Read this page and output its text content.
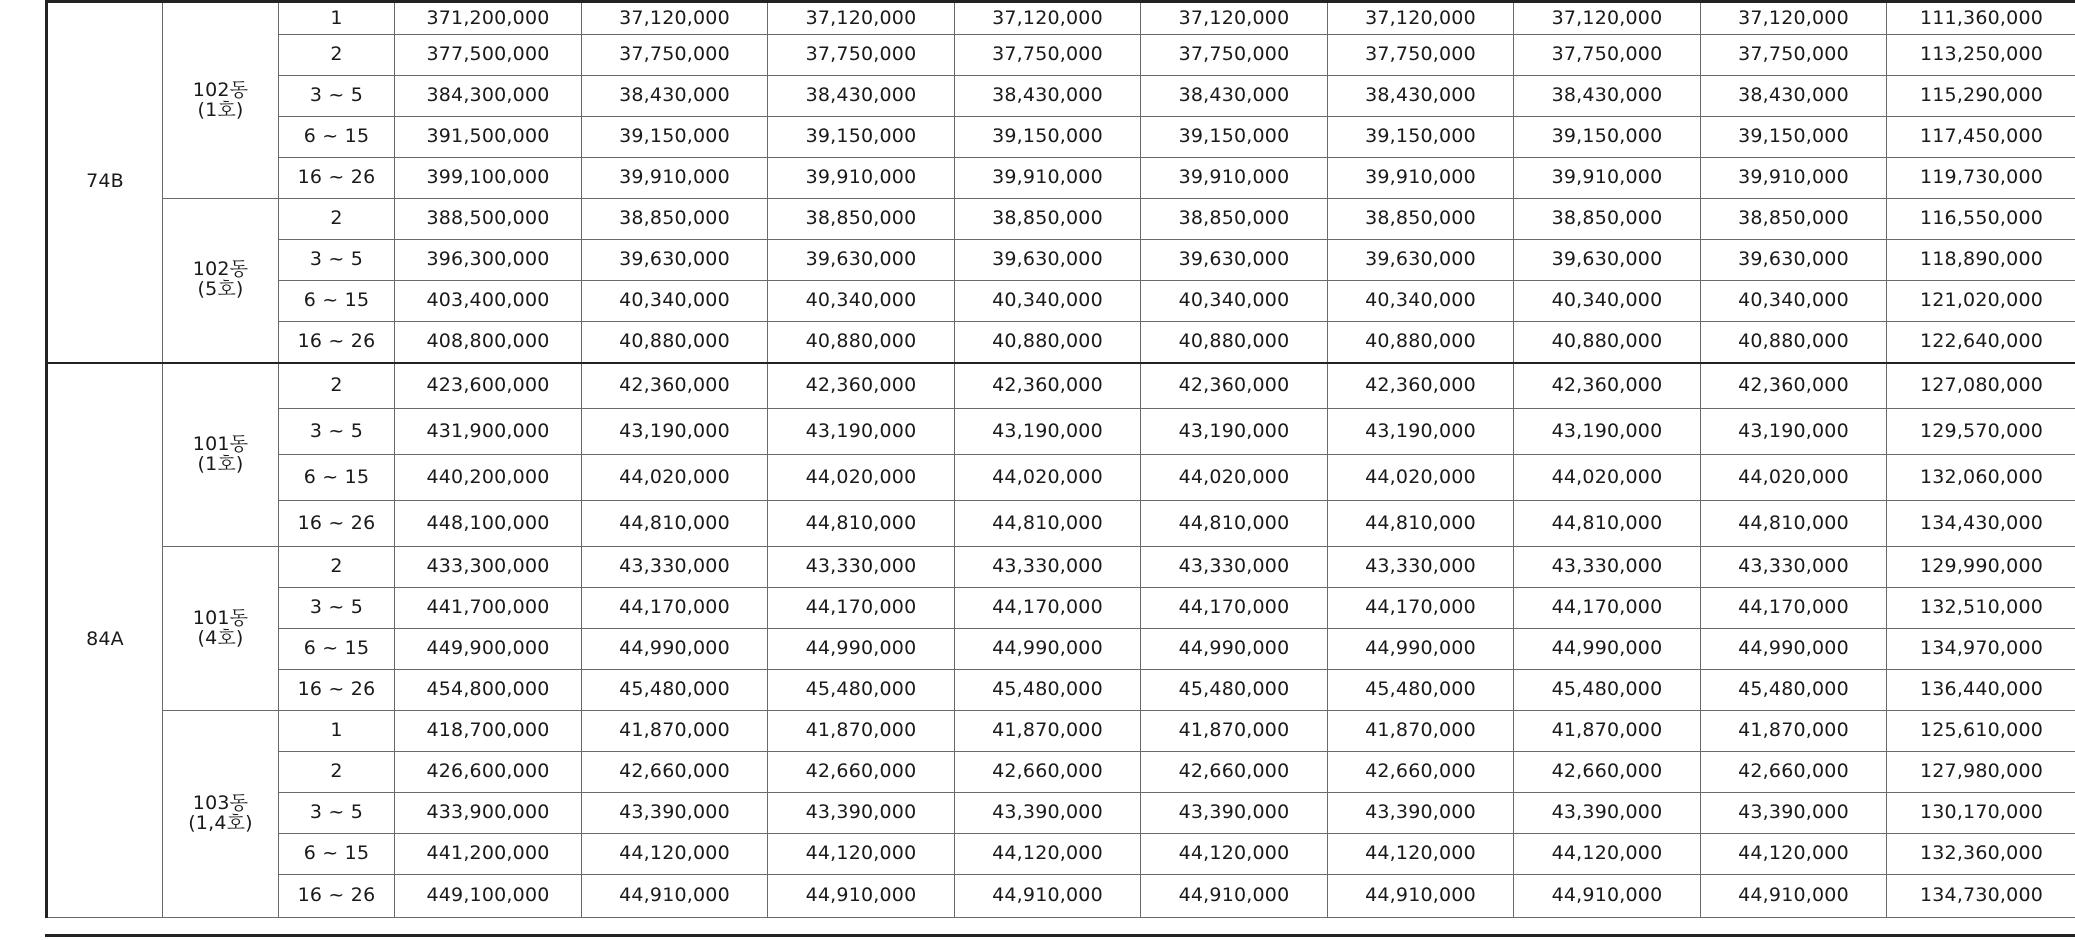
74B	102동
(1호)	1	371,200,000	37,120,000	37,120,000	37,120,000	37,120,000	37,120,000	37,120,000	37,120,000	111,360,000
		2	377,500,000	37,750,000	37,750,000	37,750,000	37,750,000	37,750,000	37,750,000	37,750,000	113,250,000
		3 ~ 5	384,300,000	38,430,000	38,430,000	38,430,000	38,430,000	38,430,000	38,430,000	38,430,000	115,290,000
		6 ~ 15	391,500,000	39,150,000	39,150,000	39,150,000	39,150,000	39,150,000	39,150,000	39,150,000	117,450,000
		16 ~ 26	399,100,000	39,910,000	39,910,000	39,910,000	39,910,000	39,910,000	39,910,000	39,910,000	119,730,000

	102동
(5호)	2	388,500,000	38,850,000	38,850,000	38,850,000	38,850,000	38,850,000	38,850,000	38,850,000	116,550,000
		3 ~ 5	396,300,000	39,630,000	39,630,000	39,630,000	39,630,000	39,630,000	39,630,000	39,630,000	118,890,000
		6 ~ 15	403,400,000	40,340,000	40,340,000	40,340,000	40,340,000	40,340,000	40,340,000	40,340,000	121,020,000
		16 ~ 26	408,800,000	40,880,000	40,880,000	40,880,000	40,880,000	40,880,000	40,880,000	40,880,000	122,640,000
84A	101동
(1호)	2	423,600,000	42,360,000	42,360,000	42,360,000	42,360,000	42,360,000	42,360,000	42,360,000	127,080,000
		3 ~ 5	431,900,000	43,190,000	43,190,000	43,190,000	43,190,000	43,190,000	43,190,000	43,190,000	129,570,000
		6 ~ 15	440,200,000	44,020,000	44,020,000	44,020,000	44,020,000	44,020,000	44,020,000	44,020,000	132,060,000
		16 ~ 26	448,100,000	44,810,000	44,810,000	44,810,000	44,810,000	44,810,000	44,810,000	44,810,000	134,430,000

	101동
(4호)	2	433,300,000	43,330,000	43,330,000	43,330,000	43,330,000	43,330,000	43,330,000	43,330,000	129,990,000
		3 ~ 5	441,700,000	44,170,000	44,170,000	44,170,000	44,170,000	44,170,000	44,170,000	44,170,000	132,510,000
		6 ~ 15	449,900,000	44,990,000	44,990,000	44,990,000	44,990,000	44,990,000	44,990,000	44,990,000	134,970,000
		16 ~ 26	454,800,000	45,480,000	45,480,000	45,480,000	45,480,000	45,480,000	45,480,000	45,480,000	136,440,000

	103동
(1,4호)	1	418,700,000	41,870,000	41,870,000	41,870,000	41,870,000	41,870,000	41,870,000	41,870,000	125,610,000
		2	426,600,000	42,660,000	42,660,000	42,660,000	42,660,000	42,660,000	42,660,000	42,660,000	127,980,000
		3 ~ 5	433,900,000	43,390,000	43,390,000	43,390,000	43,390,000	43,390,000	43,390,000	43,390,000	130,170,000
		6 ~ 15	441,200,000	44,120,000	44,120,000	44,120,000	44,120,000	44,120,000	44,120,000	44,120,000	132,360,000
		16 ~ 26	449,100,000	44,910,000	44,910,000	44,910,000	44,910,000	44,910,000	44,910,000	44,910,000	134,730,000
